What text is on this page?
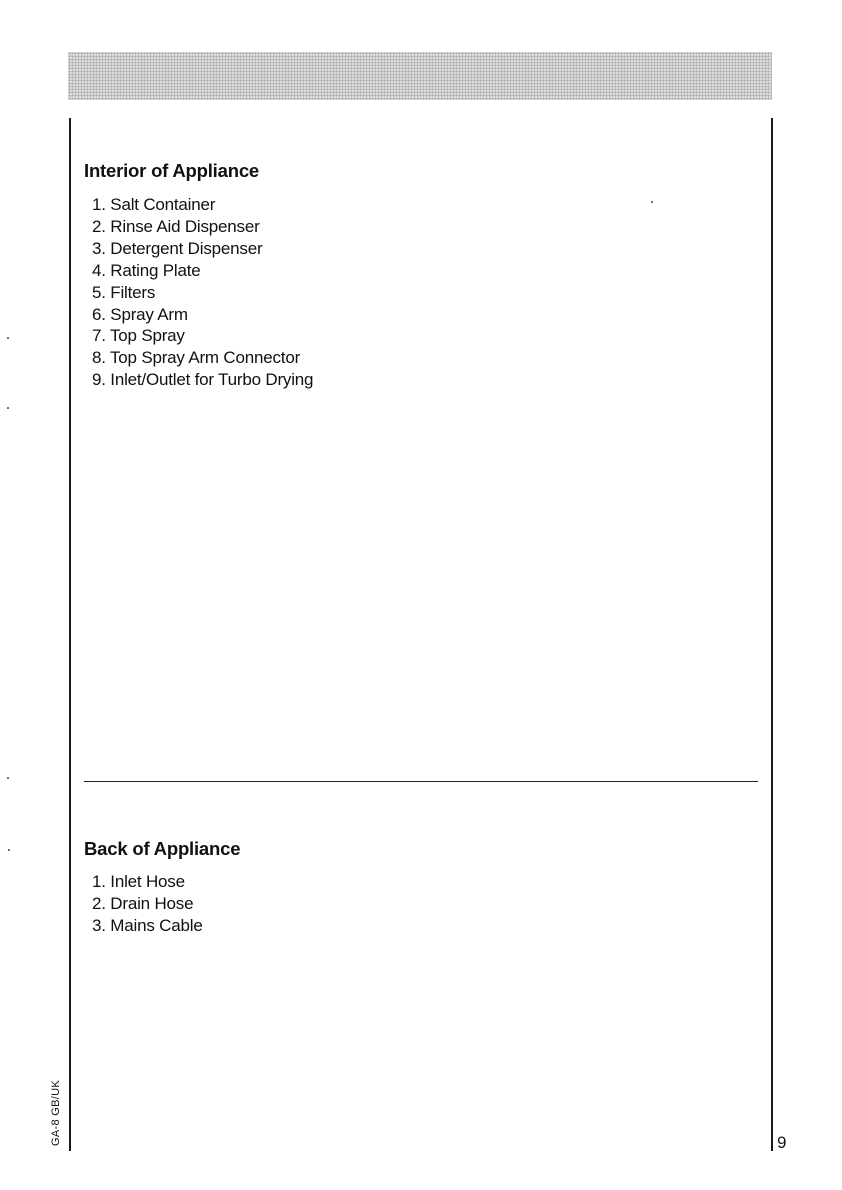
Interior of Appliance
1. Salt Container
2. Rinse Aid Dispenser
3. Detergent Dispenser
4. Rating Plate
5. Filters
6. Spray Arm
7. Top Spray
8. Top Spray Arm Connector
9. Inlet/Outlet for Turbo Drying
Back of Appliance
1. Inlet Hose
2. Drain Hose
3. Mains Cable
GA-8 GB/UK	9
